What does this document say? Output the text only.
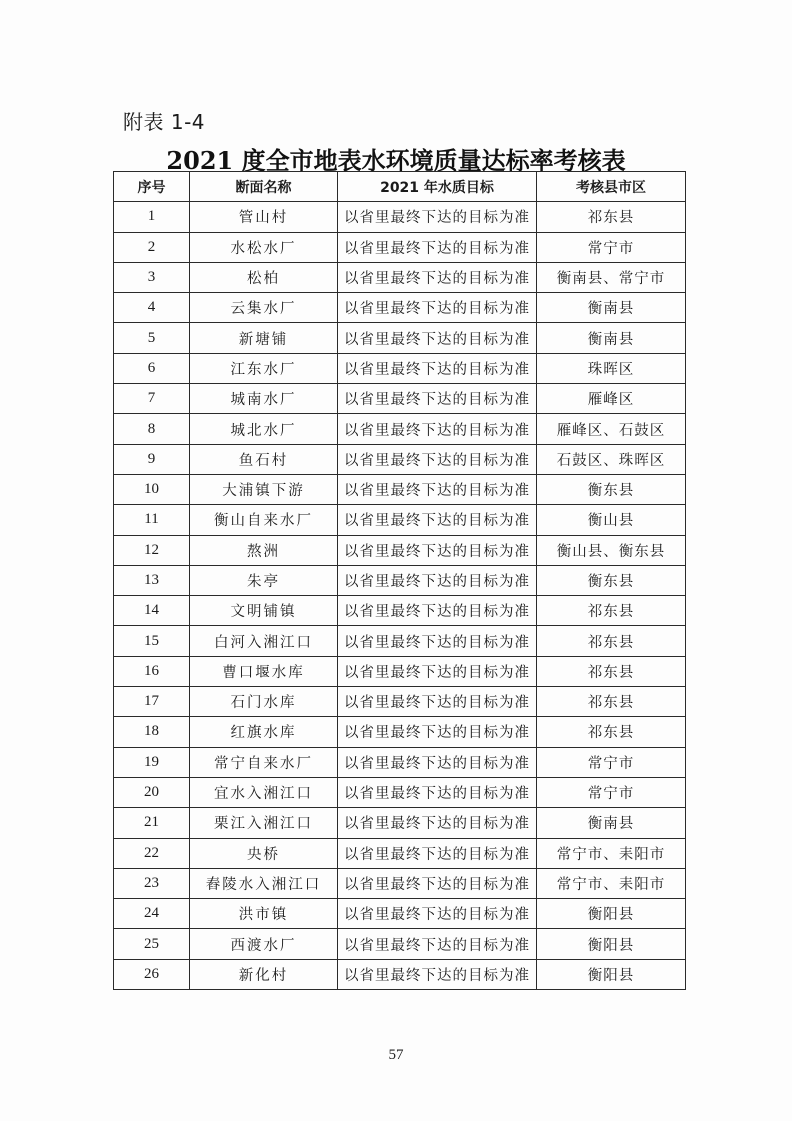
附表 1-4
2021 度全市地表水环境质量达标率考核表
序号	断面名称	2021 年水质目标	考核县市区
1	管山村	以省里最终下达的目标为准	祁东县
2	水松水厂	以省里最终下达的目标为准	常宁市
3	松柏	以省里最终下达的目标为准	衡南县、常宁市
4	云集水厂	以省里最终下达的目标为准	衡南县
5	新塘铺	以省里最终下达的目标为准	衡南县
6	江东水厂	以省里最终下达的目标为准	珠晖区
7	城南水厂	以省里最终下达的目标为准	雁峰区
8	城北水厂	以省里最终下达的目标为准	雁峰区、石鼓区
9	鱼石村	以省里最终下达的目标为准	石鼓区、珠晖区
10	大浦镇下游	以省里最终下达的目标为准	衡东县
11	衡山自来水厂	以省里最终下达的目标为准	衡山县
12	熬洲	以省里最终下达的目标为准	衡山县、衡东县
13	朱亭	以省里最终下达的目标为准	衡东县
14	文明铺镇	以省里最终下达的目标为准	祁东县
15	白河入湘江口	以省里最终下达的目标为准	祁东县
16	曹口堰水库	以省里最终下达的目标为准	祁东县
17	石门水库	以省里最终下达的目标为准	祁东县
18	红旗水库	以省里最终下达的目标为准	祁东县
19	常宁自来水厂	以省里最终下达的目标为准	常宁市
20	宜水入湘江口	以省里最终下达的目标为准	常宁市
21	栗江入湘江口	以省里最终下达的目标为准	衡南县
22	央桥	以省里最终下达的目标为准	常宁市、耒阳市
23	舂陵水入湘江口	以省里最终下达的目标为准	常宁市、耒阳市
24	洪市镇	以省里最终下达的目标为准	衡阳县
25	西渡水厂	以省里最终下达的目标为准	衡阳县
26	新化村	以省里最终下达的目标为准	衡阳县
57
